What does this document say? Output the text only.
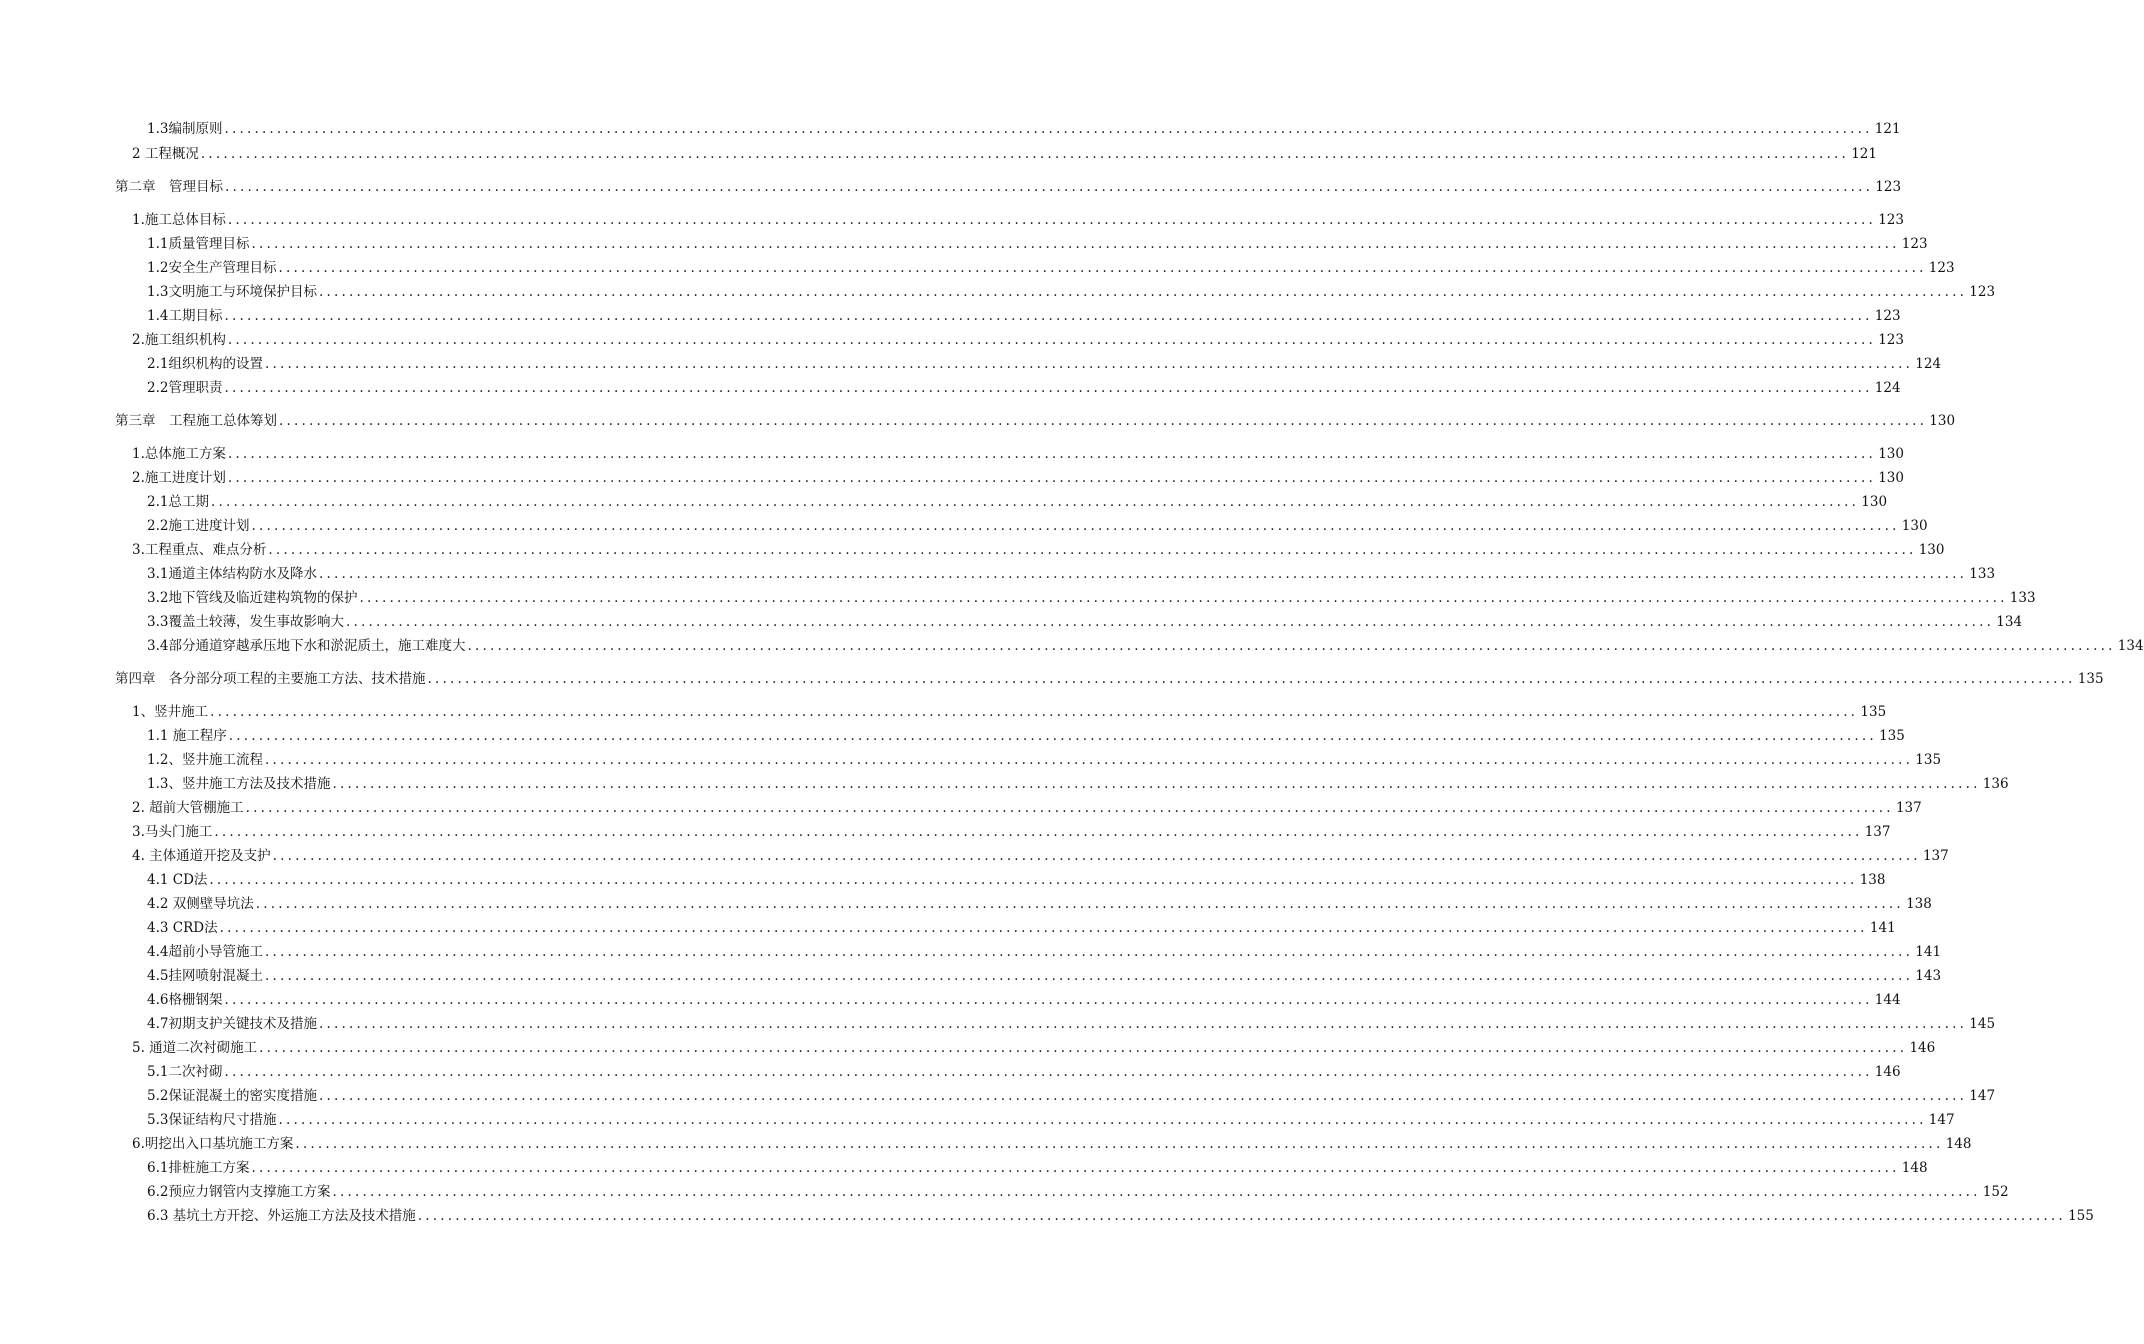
1.3编制原则 ............................................................................................................................................................................................................................ 121
2 工程概况 ............................................................................................................................................................................................................................ 121
第二章　管理目标 ............................................................................................................................................................................................................................ 123
1.施工总体目标 ............................................................................................................................................................................................................................ 123
1.1质量管理目标 ............................................................................................................................................................................................................................ 123
1.2安全生产管理目标 ............................................................................................................................................................................................................................ 123
1.3文明施工与环境保护目标 ............................................................................................................................................................................................................................ 123
1.4工期目标 ............................................................................................................................................................................................................................ 123
2.施工组织机构 ............................................................................................................................................................................................................................ 123
2.1组织机构的设置 ............................................................................................................................................................................................................................ 124
2.2管理职责 ............................................................................................................................................................................................................................ 124
第三章　工程施工总体筹划 ............................................................................................................................................................................................................................ 130
1.总体施工方案 ............................................................................................................................................................................................................................ 130
2.施工进度计划 ............................................................................................................................................................................................................................ 130
2.1总工期 ............................................................................................................................................................................................................................ 130
2.2施工进度计划 ............................................................................................................................................................................................................................ 130
3.工程重点、难点分析 ............................................................................................................................................................................................................................ 130
3.1通道主体结构防水及降水 ............................................................................................................................................................................................................................ 133
3.2地下管线及临近建构筑物的保护 ............................................................................................................................................................................................................................ 133
3.3覆盖土较薄，发生事故影响大 ............................................................................................................................................................................................................................ 134
3.4部分通道穿越承压地下水和淤泥质土，施工难度大 ............................................................................................................................................................................................................................ 134
第四章　各分部分项工程的主要施工方法、技术措施 ............................................................................................................................................................................................................................ 135
1、竖井施工 ............................................................................................................................................................................................................................ 135
1.1 施工程序 ............................................................................................................................................................................................................................ 135
1.2、竖井施工流程 ............................................................................................................................................................................................................................ 135
1.3、竖井施工方法及技术措施 ............................................................................................................................................................................................................................ 136
2. 超前大管棚施工 ............................................................................................................................................................................................................................ 137
3.马头门施工 ............................................................................................................................................................................................................................ 137
4. 主体通道开挖及支护 ............................................................................................................................................................................................................................ 137
4.1 CD法 ............................................................................................................................................................................................................................ 138
4.2 双侧壁导坑法 ............................................................................................................................................................................................................................ 138
4.3 CRD法 ............................................................................................................................................................................................................................ 141
4.4超前小导管施工 ............................................................................................................................................................................................................................ 141
4.5挂网喷射混凝土 ............................................................................................................................................................................................................................ 143
4.6格栅钢架 ............................................................................................................................................................................................................................ 144
4.7初期支护关键技术及措施 ............................................................................................................................................................................................................................ 145
5. 通道二次衬砌施工 ............................................................................................................................................................................................................................ 146
5.1二次衬砌 ............................................................................................................................................................................................................................ 146
5.2保证混凝土的密实度措施 ............................................................................................................................................................................................................................ 147
5.3保证结构尺寸措施 ............................................................................................................................................................................................................................ 147
6.明挖出入口基坑施工方案 ............................................................................................................................................................................................................................ 148
6.1排桩施工方案 ............................................................................................................................................................................................................................ 148
6.2预应力钢管内支撑施工方案 ............................................................................................................................................................................................................................ 152
6.3 基坑土方开挖、外运施工方法及技术措施 ............................................................................................................................................................................................................................ 155
